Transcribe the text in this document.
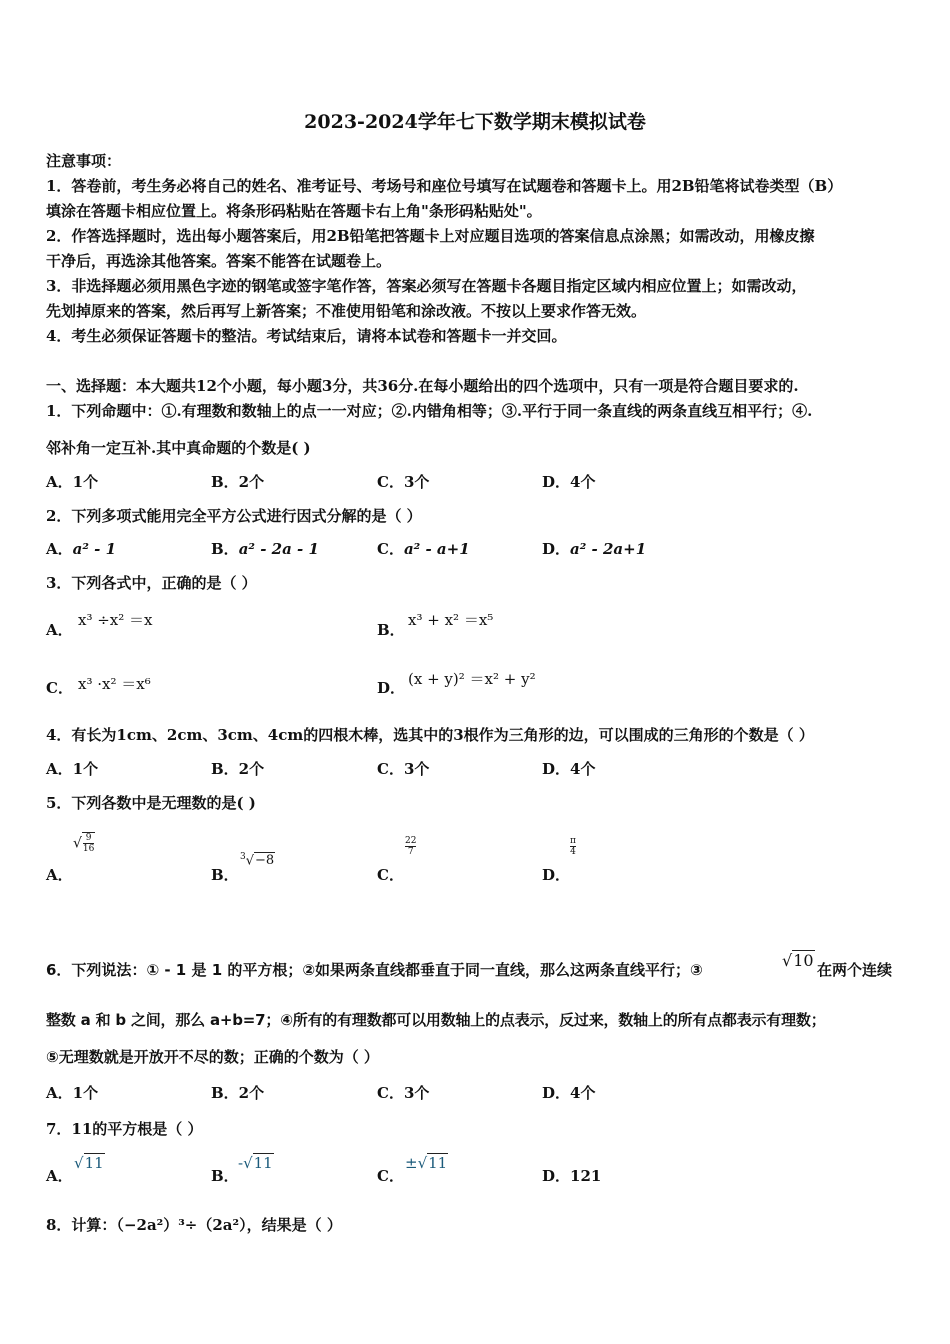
2023-2024学年七下数学期末模拟试卷
注意事项：
1．答卷前，考生务必将自己的姓名、准考证号、考场号和座位号填写在试题卷和答题卡上。用2B铅笔将试卷类型（B）
填涂在答题卡相应位置上。将条形码粘贴在答题卡右上角"条形码粘贴处"。
2．作答选择题时，选出每小题答案后，用2B铅笔把答题卡上对应题目选项的答案信息点涂黑；如需改动，用橡皮擦
干净后，再选涂其他答案。答案不能答在试题卷上。
3．非选择题必须用黑色字迹的钢笔或签字笔作答，答案必须写在答题卡各题目指定区域内相应位置上；如需改动，
先划掉原来的答案，然后再写上新答案；不准使用铅笔和涂改液。不按以上要求作答无效。
4．考生必须保证答题卡的整洁。考试结束后，请将本试卷和答题卡一并交回。
一、选择题：本大题共12个小题，每小题3分，共36分.在每小题给出的四个选项中，只有一项是符合题目要求的.
1．下列命题中：①.有理数和数轴上的点一一对应；②.内错角相等；③.平行于同一条直线的两条直线互相平行；④.
邻补角一定互补.其中真命题的个数是( )
A．1个	B．2个	C．3个	D．4个
2．下列多项式能用完全平方公式进行因式分解的是（ ）
A．a² - 1	B．a² - 2a - 1	C．a² - a+1	D．a² - 2a+1
3．下列各式中，正确的是（ ）
A．
x³ ÷x² ＝x
B．
x³ + x² ＝x⁵
C． x³ ·x² ＝x⁶	D． (x + y)² ＝x² + y²
4．有长为1cm、2cm、3cm、4cm的四根木棒，选其中的3根作为三角形的边，可以围成的三角形的个数是（ ）
A．1个	B．2个	C．3个	D．4个
5．下列各数中是无理数的是( )
A．
√ $\frac{9}{16}$
B．
$^3$√−8
C．
$\frac{22}{7}$
D．
$\frac{\pi}{4}$
6．下列说法：① - 1 是 1 的平方根；②如果两条直线都垂直于同一直线，那么这两条直线平行；③	√10 在两个连续
整数 a 和 b 之间，那么 a+b=7；④所有的有理数都可以用数轴上的点表示，反过来，数轴上的所有点都表示有理数；
⑤无理数就是开放开不尽的数；正确的个数为（ ）
A．1个	B．2个	C．3个	D．4个
7．11的平方根是（ ）
A．
√11
B．
-√11
C．
±√11
D．121
8．计算：（−2a²）³÷（2a²），结果是（ ）
